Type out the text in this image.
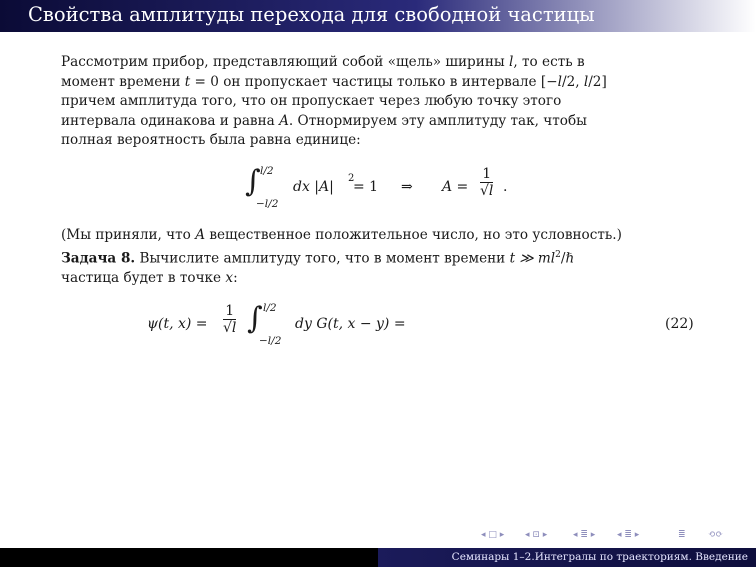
Свойства амплитуды перехода для свободной частицы

Рассмотрим прибор, представляющий собой «щель» ширины l, то есть в
момент времени t = 0 он пропускает частицы только в интервале [−l/2, l/2]
причем амплитуда того, что он пропускает через любую точку этого
интервала одинакова и равна A. Отнормируем эту амплитуду так, чтобы
полная вероятность была равна единице:

∫ l/2
−l/2
dx |A|
2
= 1 ⇒ $A = \frac{1}{√l}$ .

(Мы приняли, что A вещественное положительное число, но это условность.)
Задача 8. Вычислите амплитуду того, что в момент времени t ≫ $ml^2/\hbar$
частица будет в точке x:

ψ(t, $x) = \frac{1}{√l}$ ∫ l/2
−l/2
dy G(t, x − y) =	(22)
◂ □ ▸ ◂ ⊡ ▸	◂ ≣ ▸ ◂ ≣ ▸	≣ ⟲⟳
Семинары 1–2.Интегралы по траекториям. Введение
